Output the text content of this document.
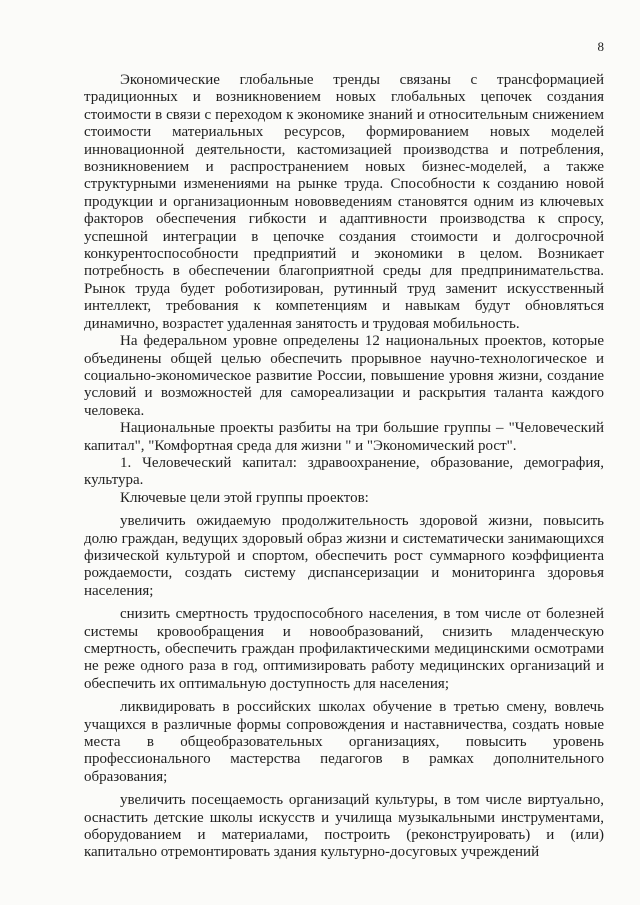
8

Экономические глобальные тренды связаны с трансформацией традиционных и возникновением новых глобальных цепочек создания стоимости в связи с переходом к экономике знаний и относительным снижением стоимости материальных ресурсов, формированием новых моделей инновационной деятельности, кастомизацией производства и потребления, возникновением и распространением новых бизнес-моделей, а также структурными изменениями на рынке труда. Способности к созданию новой продукции и организационным нововведениям становятся одним из ключевых факторов обеспечения гибкости и адаптивности производства к спросу, успешной интеграции в цепочке создания стоимости и долгосрочной конкурентоспособности предприятий и экономики в целом. Возникает потребность в обеспечении благоприятной среды для предпринимательства. Рынок труда будет роботизирован, рутинный труд заменит искусственный интеллект, требования к компетенциям и навыкам будут обновляться динамично, возрастет удаленная занятость и трудовая мобильность.

На федеральном уровне определены 12 национальных проектов, которые объединены общей целью обеспечить прорывное научно-технологическое и социально-экономическое развитие России, повышение уровня жизни, создание условий и возможностей для самореализации и раскрытия таланта каждого человека.

Национальные проекты разбиты на три большие группы – "Человеческий капитал", "Комфортная среда для жизни " и "Экономический рост".

1. Человеческий капитал: здравоохранение, образование, демография, культура.

Ключевые цели этой группы проектов:

увеличить ожидаемую продолжительность здоровой жизни, повысить долю граждан, ведущих здоровый образ жизни и систематически занимающихся физической культурой и спортом, обеспечить рост суммарного коэффициента рождаемости, создать систему диспансеризации и мониторинга здоровья населения;

снизить смертность трудоспособного населения, в том числе от болезней системы кровообращения и новообразований, снизить младенческую смертность, обеспечить граждан профилактическими медицинскими осмотрами не реже одного раза в год, оптимизировать работу медицинских организаций и обеспечить их оптимальную доступность для населения;

ликвидировать в российских школах обучение в третью смену, вовлечь учащихся в различные формы сопровождения и наставничества, создать новые места в общеобразовательных организациях, повысить уровень профессионального мастерства педагогов в рамках дополнительного образования;

увеличить посещаемость организаций культуры, в том числе виртуально, оснастить детские школы искусств и училища музыкальными инструментами, оборудованием и материалами, построить (реконструировать) и (или) капитально отремонтировать здания культурно-досуговых учреждений
